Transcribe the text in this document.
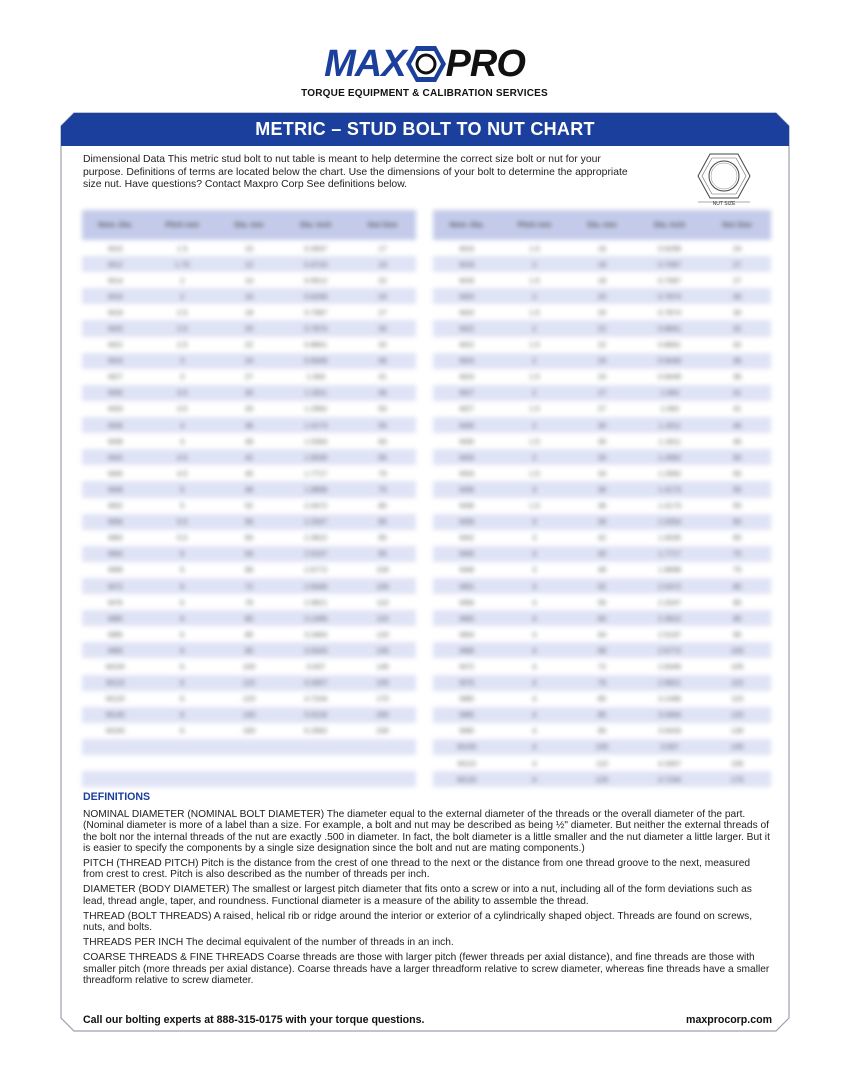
MAX PRO
TORQUE EQUIPMENT & CALIBRATION SERVICES
METRIC – STUD BOLT TO NUT CHART
Dimensional Data This metric stud bolt to nut table is meant to help determine the correct size bolt or nut for your purpose. Definitions of terms are located below the chart. Use the dimensions of your bolt to determine the appropriate size nut. Have questions? Contact Maxpro Corp See definitions below.
NUT SIZE
Nom. Dia.	Pitch mm	Dia. mm	Dia. inch	Nut Size
M10	1.5	10	0.3937	17
M12	1.75	12	0.4724	19
M14	2	14	0.5512	22
M16	2	16	0.6299	24
M18	2.5	18	0.7087	27
M20	2.5	20	0.7874	30
M22	2.5	22	0.8661	32
M24	3	24	0.9449	36
M27	3	27	1.063	41
M30	3.5	30	1.1811	46
M33	3.5	33	1.2992	50
M36	4	36	1.4173	55
M39	4	39	1.5354	60
M42	4.5	42	1.6535	65
M45	4.5	45	1.7717	70
M48	5	48	1.8898	75
M52	5	52	2.0472	80
M56	5.5	56	2.2047	85
M60	5.5	60	2.3622	90
M64	6	64	2.5197	95
M68	6	68	2.6772	100
M72	6	72	2.8346	105
M76	6	76	2.9921	110
M80	6	80	3.1496	115
M85	6	85	3.3464	120
M90	6	90	3.5433	130
M100	6	100	3.937	145
M110	6	110	4.3307	155
M120	6	120	4.7244	170
M140	6	140	5.5118	200
M160	6	160	6.2992	230
Nom. Dia.	Pitch mm	Dia. mm	Dia. inch	Nut Size
M16	1.5	16	0.6299	24
M18	2	18	0.7087	27
M18	1.5	18	0.7087	27
M20	2	20	0.7874	30
M20	1.5	20	0.7874	30
M22	2	22	0.8661	32
M22	1.5	22	0.8661	32
M24	2	24	0.9449	36
M24	1.5	24	0.9449	36
M27	2	27	1.063	41
M27	1.5	27	1.063	41
M30	2	30	1.1811	46
M30	1.5	30	1.1811	46
M33	2	33	1.2992	50
M33	1.5	33	1.2992	50
M36	3	36	1.4173	55
M36	1.5	36	1.4173	55
M39	3	39	1.5354	60
M42	3	42	1.6535	65
M45	3	45	1.7717	70
M48	3	48	1.8898	75
M52	3	52	2.0472	80
M56	4	56	2.2047	85
M60	4	60	2.3622	90
M64	4	64	2.5197	95
M68	4	68	2.6772	100
M72	4	72	2.8346	105
M76	4	76	2.9921	110
M80	4	80	3.1496	115
M85	4	85	3.3464	120
M90	4	90	3.5433	130
M100	4	100	3.937	145
M110	4	110	4.3307	155
M120	4	120	4.7244	170
DEFINITIONS

NOMINAL DIAMETER (NOMINAL BOLT DIAMETER) The diameter equal to the external diameter of the threads or the overall diameter of the part. (Nominal diameter is more of a label than a size. For example, a bolt and nut may be described as being ½" diameter. But neither the external threads of the bolt nor the internal threads of the nut are exactly .500 in diameter. In fact, the bolt diameter is a little smaller and the nut diameter a little larger. But it is easier to specify the components by a single size designation since the bolt and nut are mating components.)

PITCH (THREAD PITCH) Pitch is the distance from the crest of one thread to the next or the distance from one thread groove to the next, measured from crest to crest. Pitch is also described as the number of threads per inch.

DIAMETER (BODY DIAMETER) The smallest or largest pitch diameter that fits onto a screw or into a nut, including all of the form deviations such as lead, thread angle, taper, and roundness. Functional diameter is a measure of the ability to assemble the thread.

THREAD (BOLT THREADS) A raised, helical rib or ridge around the interior or exterior of a cylindrically shaped object. Threads are found on screws, nuts, and bolts.

THREADS PER INCH The decimal equivalent of the number of threads in an inch.

COARSE THREADS & FINE THREADS Coarse threads are those with larger pitch (fewer threads per axial distance), and fine threads are those with smaller pitch (more threads per axial distance). Coarse threads have a larger threadform relative to screw diameter, whereas fine threads have a smaller threadform relative to screw diameter.

Call our bolting experts at 888-315-0175 with your torque questions.	maxprocorp.com
